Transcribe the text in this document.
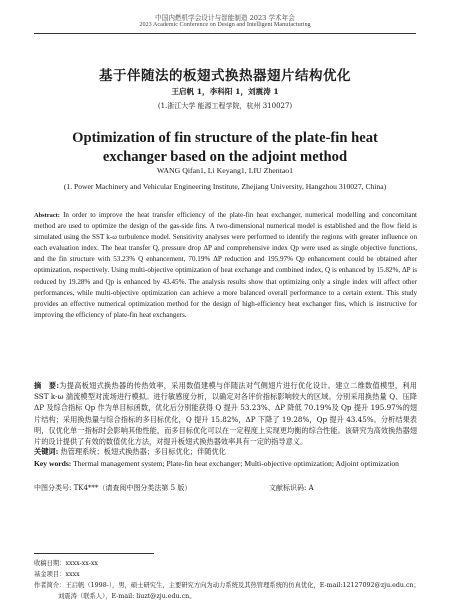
中国内燃机学会设计与智能制造 2023 学术年会
2023 Academic Conference on Design and Intelligent Manufacturing
基于伴随法的板翅式换热器翅片结构优化
王启帆 1，李科阳 1，刘震涛 1
(1.浙江大学 能源工程学院，杭州 310027)
Optimization of fin structure of the plate-fin heat exchanger based on the adjoint method
WANG Qifan1, Li Keyang1, LIU Zhentao1
(1. Power Machinery and Vehicular Engineering Institute, Zhejiang University, Hangzhou 310027, China)
Abstract: In order to improve the heat transfer efficiency of the plate-fin heat exchanger, numerical modelling and concomitant method are used to optimize the design of the gas-side fins. A two-dimensional numerical model is established and the flow field is simulated using the SST k-ω turbulence model. Sensitivity analyses were performed to identify the regions with greater influence on each evaluation index. The heat transfer Q, pressure drop ΔP and comprehensive index Qp were used as single objective functions, and the fin structure with 53.23% Q enhancement, 70.19% ΔP reduction and 195.97% Qp enhancement could be obtained after optimization, respectively. Using multi-objective optimization of heat exchange and combined index, Q is enhanced by 15.82%, ΔP is reduced by 19.28% and Qp is enhanced by 43.45%. The analysis results show that optimizing only a single index will affect other performances, while multi-objective optimization can achieve a more balanced overall performance to a certain extent. This study provides an effective numerical optimization method for the design of high-efficiency heat exchanger fins, which is instructive for improving the efficiency of plate-fin heat exchangers.
摘　要:为提高板翅式换热器的传热效率，采用数值建模与伴随法对气侧翅片进行优化设计。建立二维数值模型，利用 SST k-ω 湍流模型对流场进行模拟。进行敏感度分析，以确定对各评价指标影响较大的区域。分别采用换热量 Q、压降 ΔP 及综合指标 Qp 作为单目标函数，优化后分别能获得 Q 提升 53.23%、ΔP 降低 70.19%及 Qp 提升 195.97%的翅片结构；采用换热量与综合指标的多目标优化，Q 提升 15.82%，ΔP 下降了 19.28%，Qp 提升 43.45%。分析结果表明，仅优化单一指标时会影响其他性能，而多目标优化可以在一定程度上实现更均衡的综合性能。该研究为高效换热器翅片的设计提供了有效的数值优化方法，对提升板翅式换热器效率具有一定的指导意义。
关键词: 热管理系统；板翅式换热器；多目标优化；伴随优化
Key words: Thermal management system; Plate-fin heat exchanger; Multi-objective optimization; Adjoint optimization
中图分类号: TK4***（请查阅中图分类法第 5 版）	文献标识码: A
收稿日期：xxxx-xx-xx
基金项目：xxxx
作者简介：王启帆（1998-），男，硕士研究生，主要研究方向为动力系统及其热管理系统的仿真优化，E-mail:12127092@zju.edu.cn；
刘震涛（联系人），E-mail: liuzt@zju.edu.cn。
